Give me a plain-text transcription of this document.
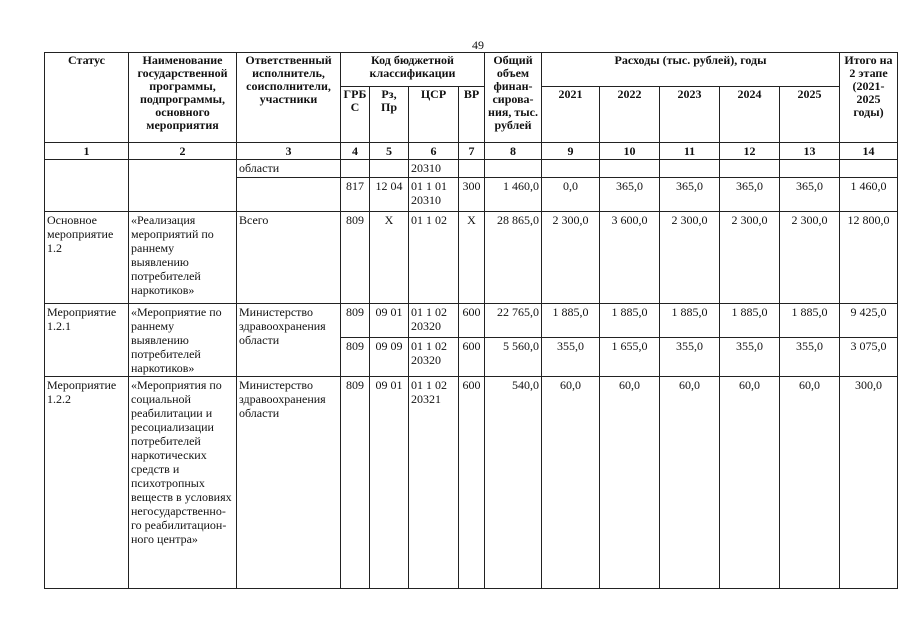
49
Статус	Наименование государственной программы, подпрограммы, основного мероприятия	Ответственный исполнитель, соисполнители, участники	Код бюджетной классификации				Общий объем финан-сирова-ния, тыс. рублей	Расходы (тыс. рублей), годы					Итого на 2 этапе (2021-2025 годы)
			ГРБ С	Рз, Пр	ЦСР	ВР		2021	2022	2023	2024	2025	
1	2	3	4	5	6	7	8	9	10	11	12	13	14
		области			20310								
			817	12 04	01 1 01 20310	300	1 460,0	0,0	365,0	365,0	365,0	365,0	1 460,0
Основное мероприятие 1.2	«Реализация мероприятий по раннему выявлению потребителей наркотиков»	Всего	809	X	01 1 02	X	28 865,0	2 300,0	3 600,0	2 300,0	2 300,0	2 300,0	12 800,0
Мероприятие 1.2.1	«Мероприятие по раннему выявлению потребителей наркотиков»	Министерство здравоохранения области	809	09 01	01 1 02 20320	600	22 765,0	1 885,0	1 885,0	1 885,0	1 885,0	1 885,0	9 425,0
			809	09 09	01 1 02 20320	600	5 560,0	355,0	1 655,0	355,0	355,0	355,0	3 075,0
Мероприятие 1.2.2	«Мероприятия по социальной реабилитации и ресоциализации потребителей наркотических средств и психотропных веществ в условиях негосударственно-го реабилитацион-ного центра»	Министерство здравоохранения области	809	09 01	01 1 02 20321	600	540,0	60,0	60,0	60,0	60,0	60,0	300,0
